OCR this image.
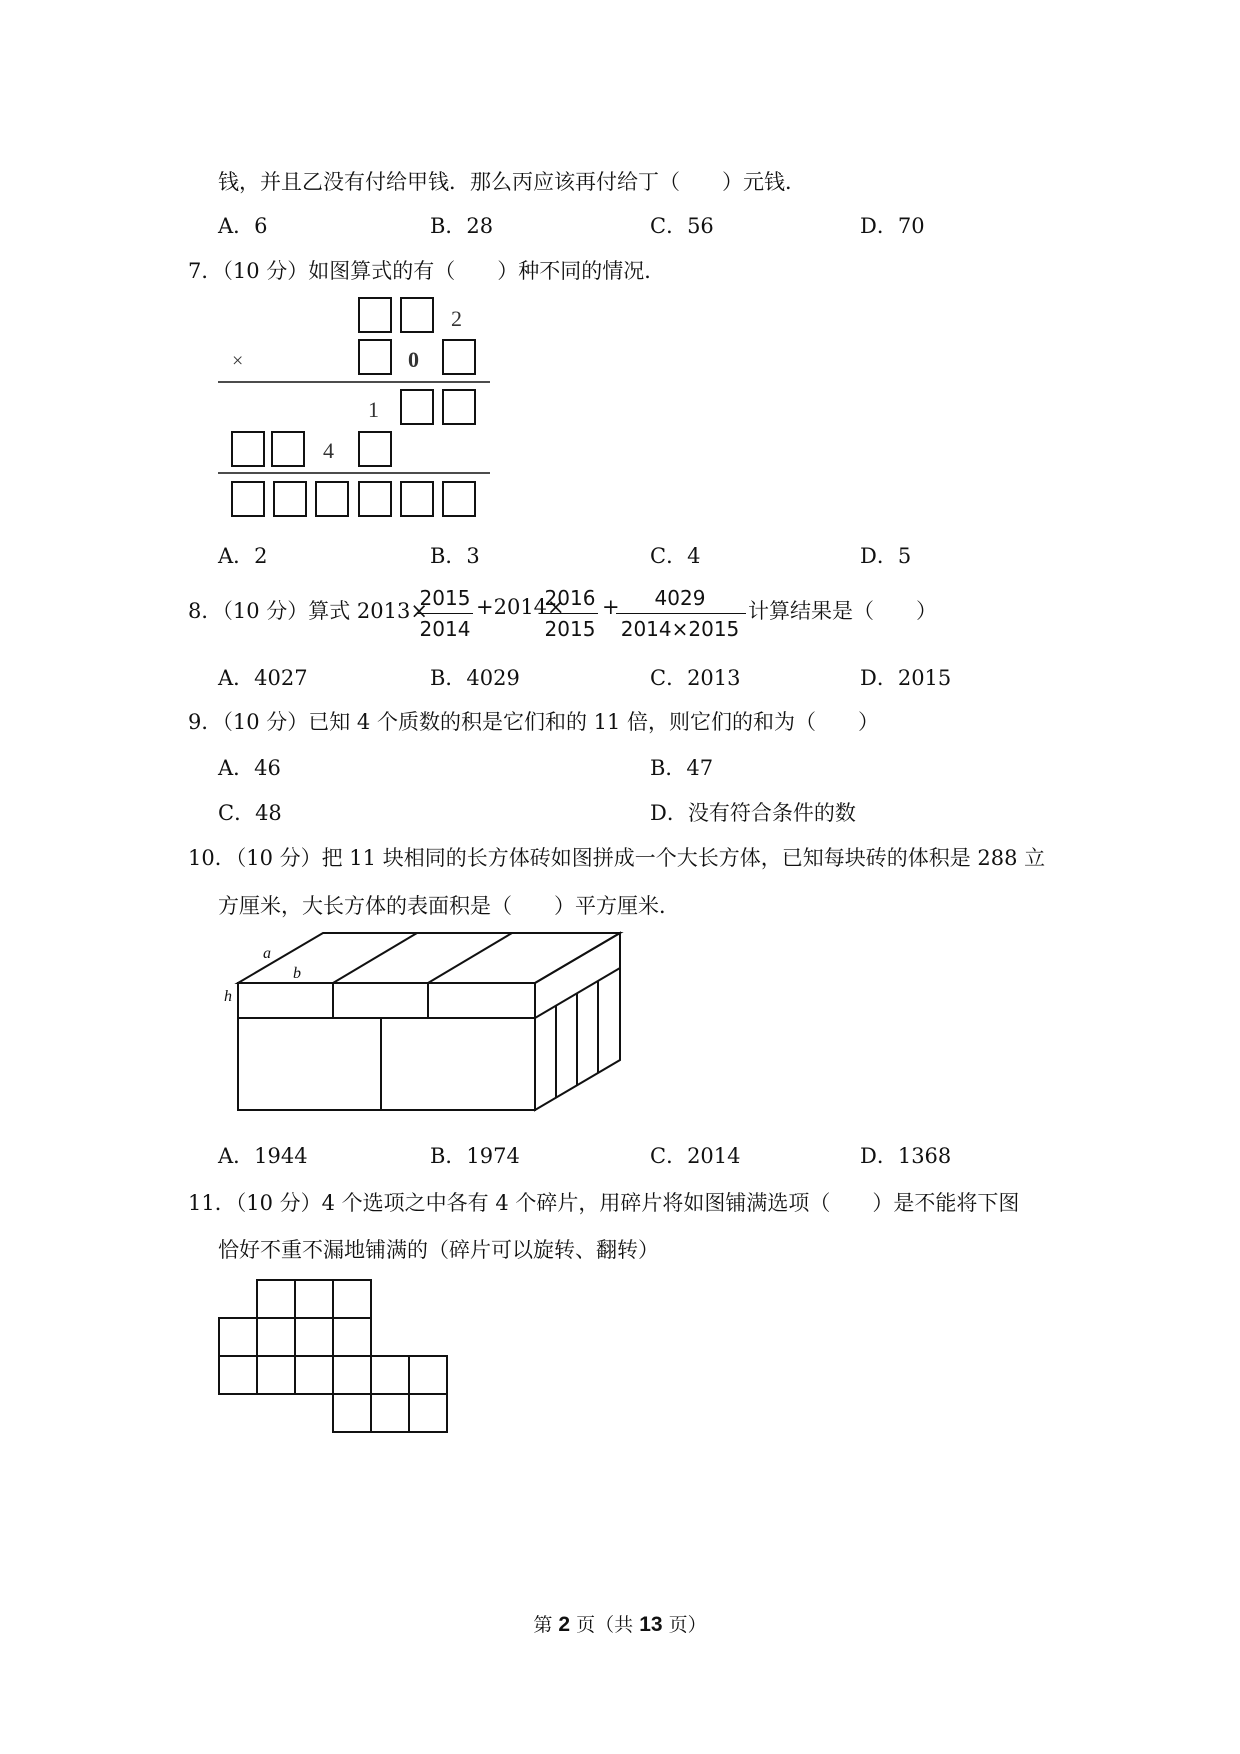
钱，并且乙没有付给甲钱．那么丙应该再付给丁（　　）元钱．
A．6	B．28	C．56	D．70
7．（10 分）如图算式的有（　　）种不同的情况．
2
×	0
1
4
A．2	B．3	C．4	D．5
8．（10 分）算式 2013×
2015
2014
+2014×
2016
2015
+	4029
2014×2015
计算结果是（　　）
A．4027	B．4029	C．2013	D．2015
9．（10 分）已知 4 个质数的积是它们和的 11 倍，则它们的和为（　　）
A．46	B．47
C．48	D．没有符合条件的数
10．（10 分）把 11 块相同的长方体砖如图拼成一个大长方体，已知每块砖的体积是 288 立
方厘米，大长方体的表面积是（　　）平方厘米．
a
b
h
A．1944	B．1974	C．2014	D．1368
11．（10 分）4 个选项之中各有 4 个碎片，用碎片将如图铺满选项（　　）是不能将下图
恰好不重不漏地铺满的（碎片可以旋转、翻转）
第 2 页（共 13 页）
